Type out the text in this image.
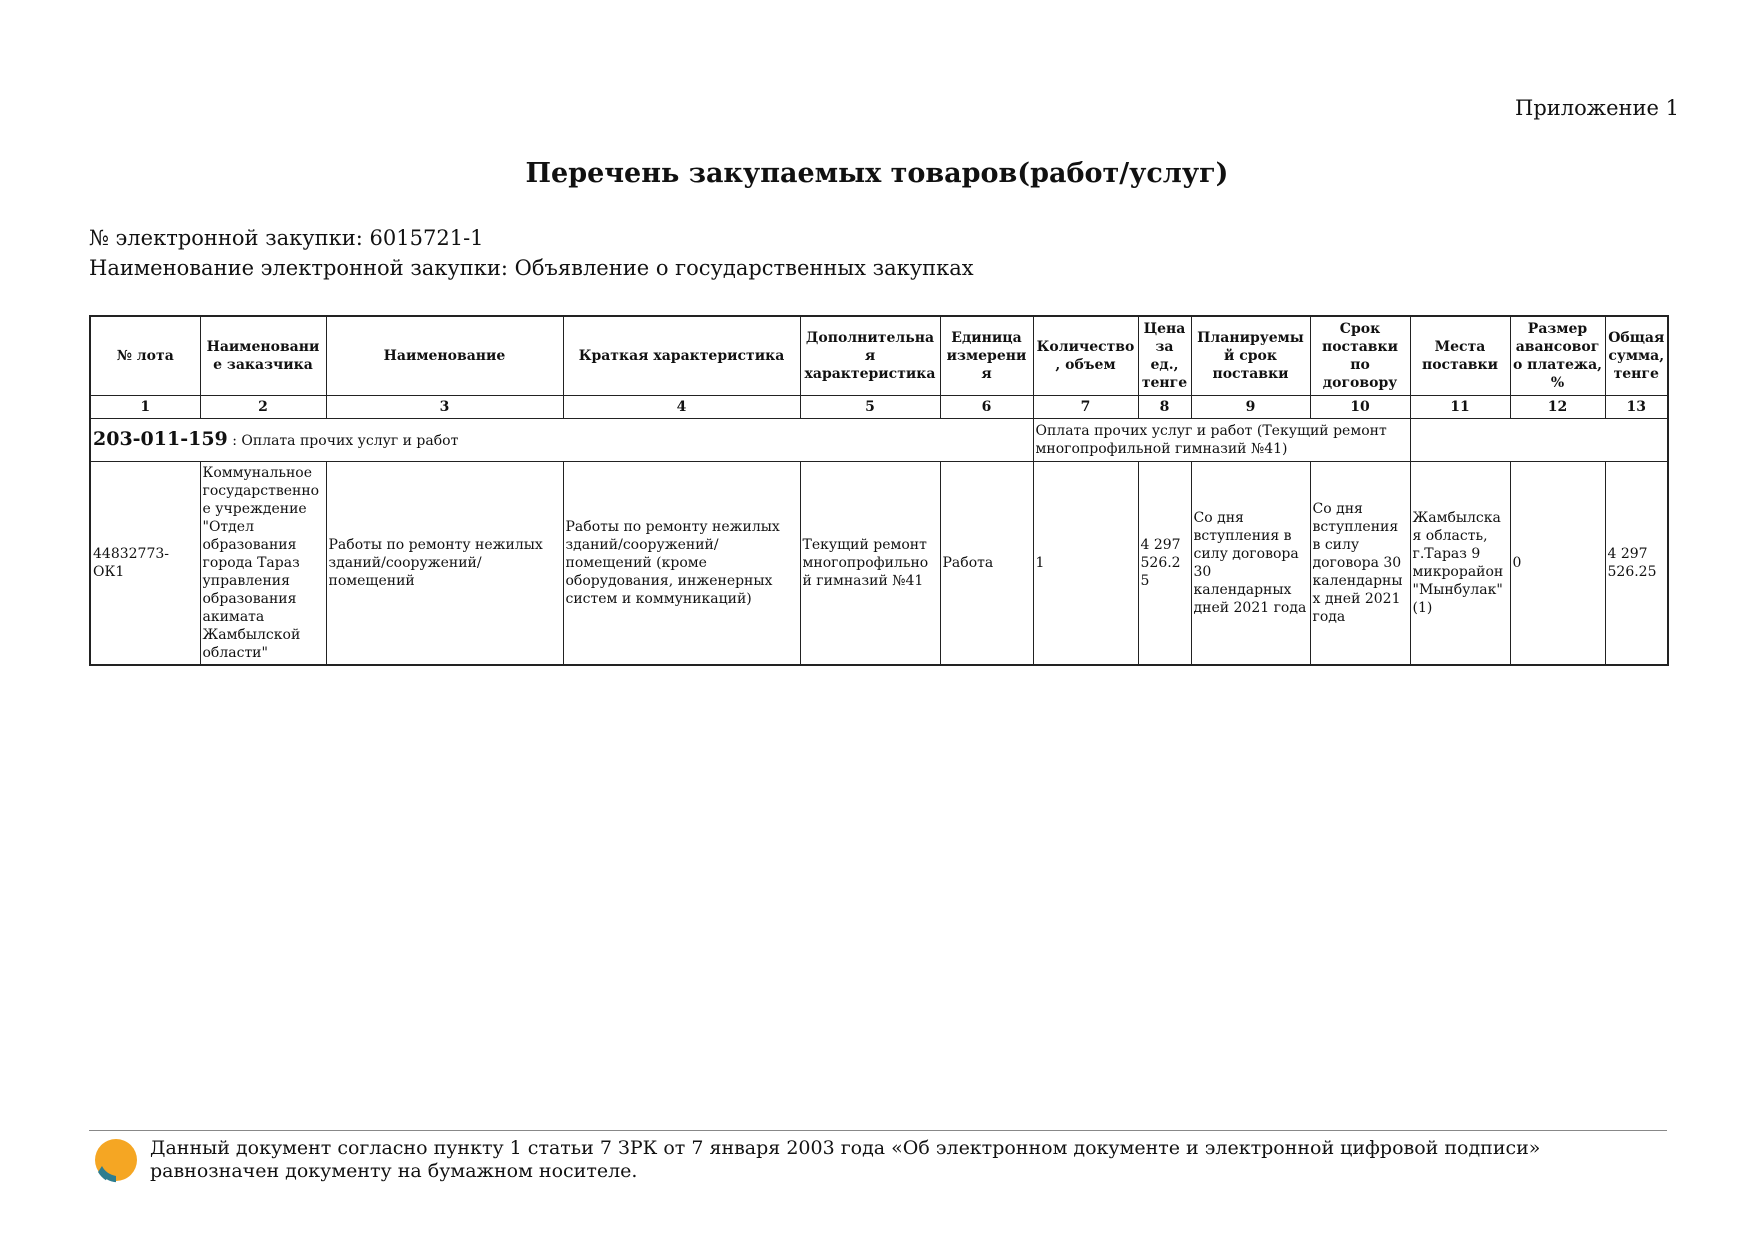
Приложение 1
Перечень закупаемых товаров(работ/услуг)
№ электронной закупки: 6015721-1
Наименование электронной закупки: Объявление о государственных закупках
№ лота	Наименование заказчика	Наименование	Краткая характеристика	Дополнительная характеристика	Единица измерения	Количество, объем	Цена за ед., тенге	Планируемый срок поставки	Срок поставки по договору	Места поставки	Размер авансового платежа, %	Общая сумма, тенге
1	2	3	4	5	6	7	8	9	10	11	12	13
203-011-159 : Оплата прочих услуг и работ						Оплата прочих услуг и работ (Текущий ремонт многопрофильной гимназий №41)						
44832773-ОК1	Коммунальное государственное учреждение "Отдел образования города Тараз управления образования акимата Жамбылской области"	Работы по ремонту нежилых зданий/сооружений/помещений	Работы по ремонту нежилых зданий/сооружений/помещений (кроме оборудования, инженерных систем и коммуникаций)	Текущий ремонт многопрофильной гимназий №41	Работа	1	4 297 526.25	Со дня вступления в силу договора 30 календарных дней 2021 года	Со дня вступления в силу договора 30 календарных дней 2021 года	Жамбылская область, г.Тараз 9 микрорайон "Мынбулак" (1)	0	4 297 526.25
Данный документ согласно пункту 1 статьи 7 ЗРК от 7 января 2003 года «Об электронном документе и электронной цифровой подписи» равнозначен документу на бумажном носителе.
